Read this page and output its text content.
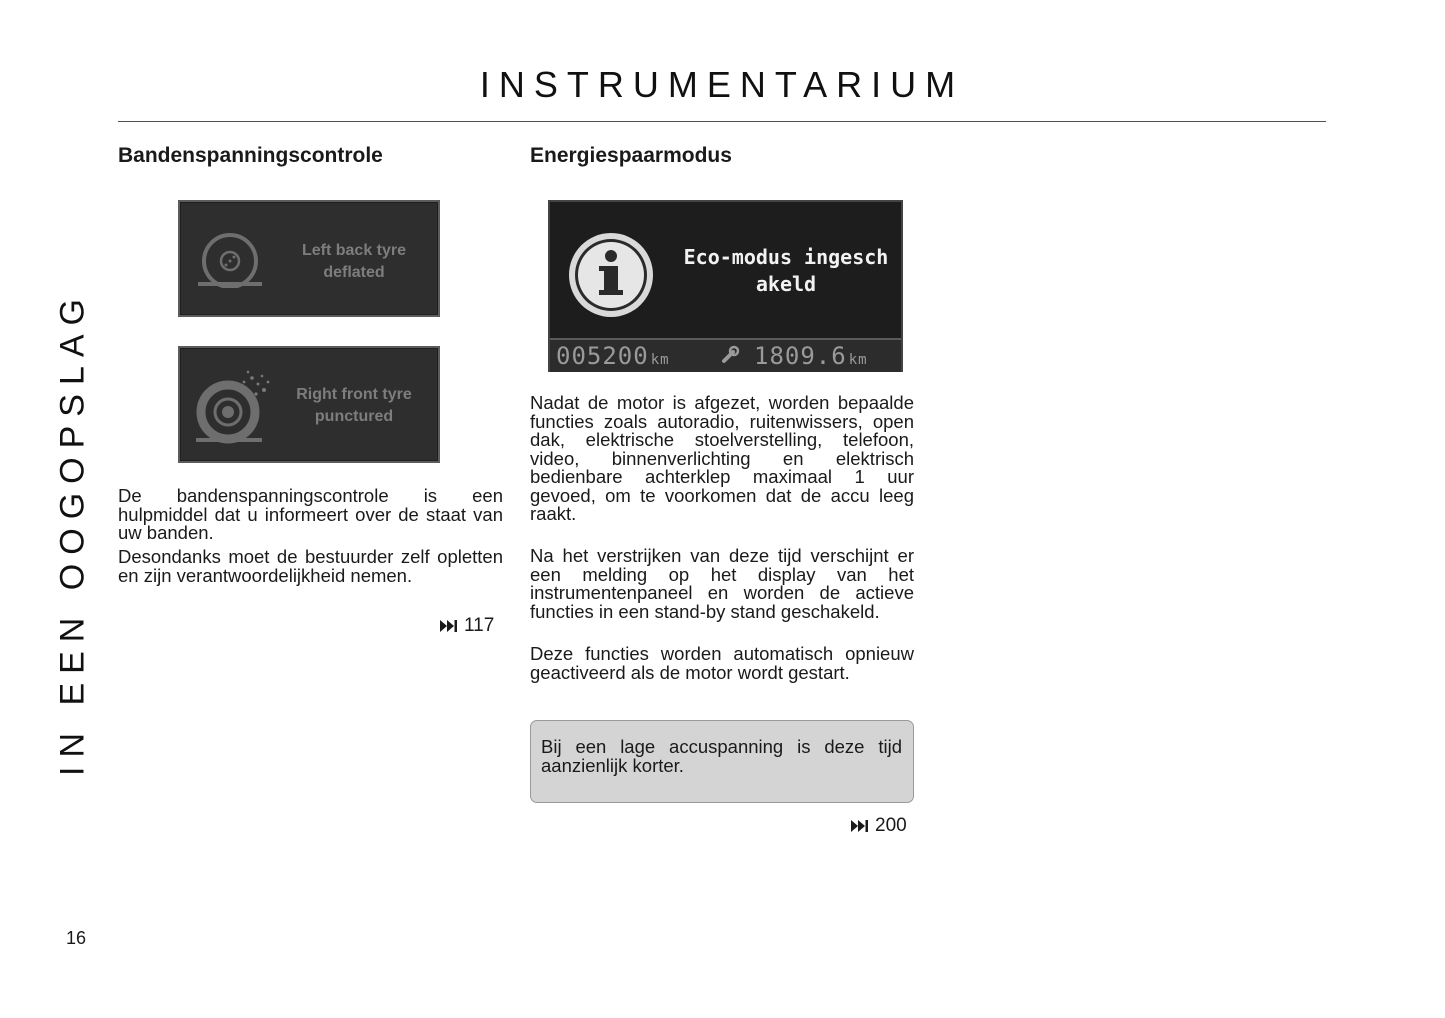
INSTRUMENTARIUM
IN EEN OOGOPSLAG
Bandenspanningscontrole
Left back tyre
deflated
Right front tyre
punctured
De bandenspanningscontrole is een hulpmiddel dat u informeert over de staat van uw banden.
Desondanks moet de bestuurder zelf opletten en zijn verantwoordelijkheid nemen.
117
Energiespaarmodus
Eco-modus ingesch
akeld
005200 km	1809.6 km
Nadat de motor is afgezet, worden bepaalde functies zoals autoradio, ruitenwissers, open dak, elektrische stoelverstelling, telefoon, video, binnenverlichting en elektrisch bedienbare achterklep maximaal 1 uur gevoed, om te voorkomen dat de accu leeg raakt.
Na het verstrijken van deze tijd verschijnt er een melding op het display van het instrumentenpaneel en worden de actieve functies in een stand-by stand geschakeld.
Deze functies worden automatisch opnieuw geactiveerd als de motor wordt gestart.
Bij een lage accuspanning is deze tijd aanzienlijk korter.
200
16
